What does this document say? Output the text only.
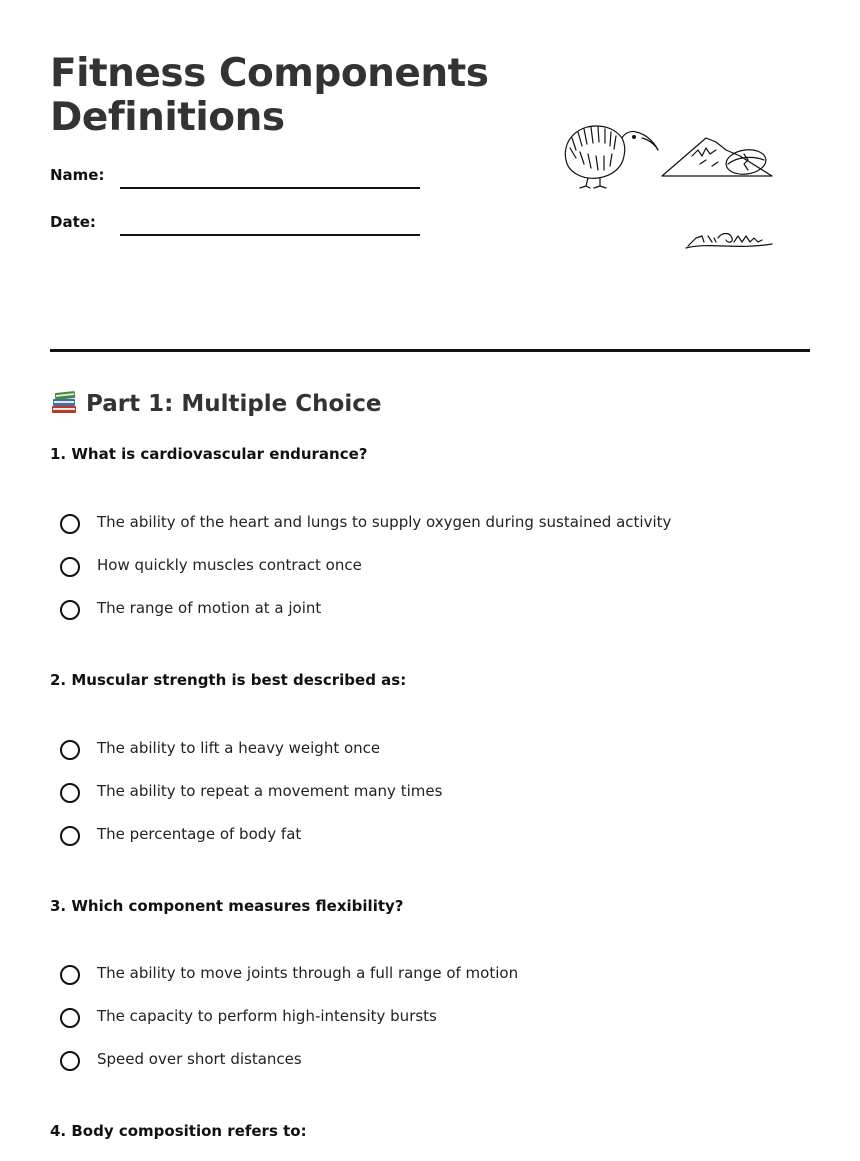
Fitness Components
Definitions
Name:
Date:
Part 1: Multiple Choice

1. What is cardiovascular endurance?

The ability of the heart and lungs to supply oxygen during sustained activity
How quickly muscles contract once
The range of motion at a joint

2. Muscular strength is best described as:

The ability to lift a heavy weight once
The ability to repeat a movement many times
The percentage of body fat

3. Which component measures flexibility?

The ability to move joints through a full range of motion
The capacity to perform high-intensity bursts
Speed over short distances

4. Body composition refers to:
